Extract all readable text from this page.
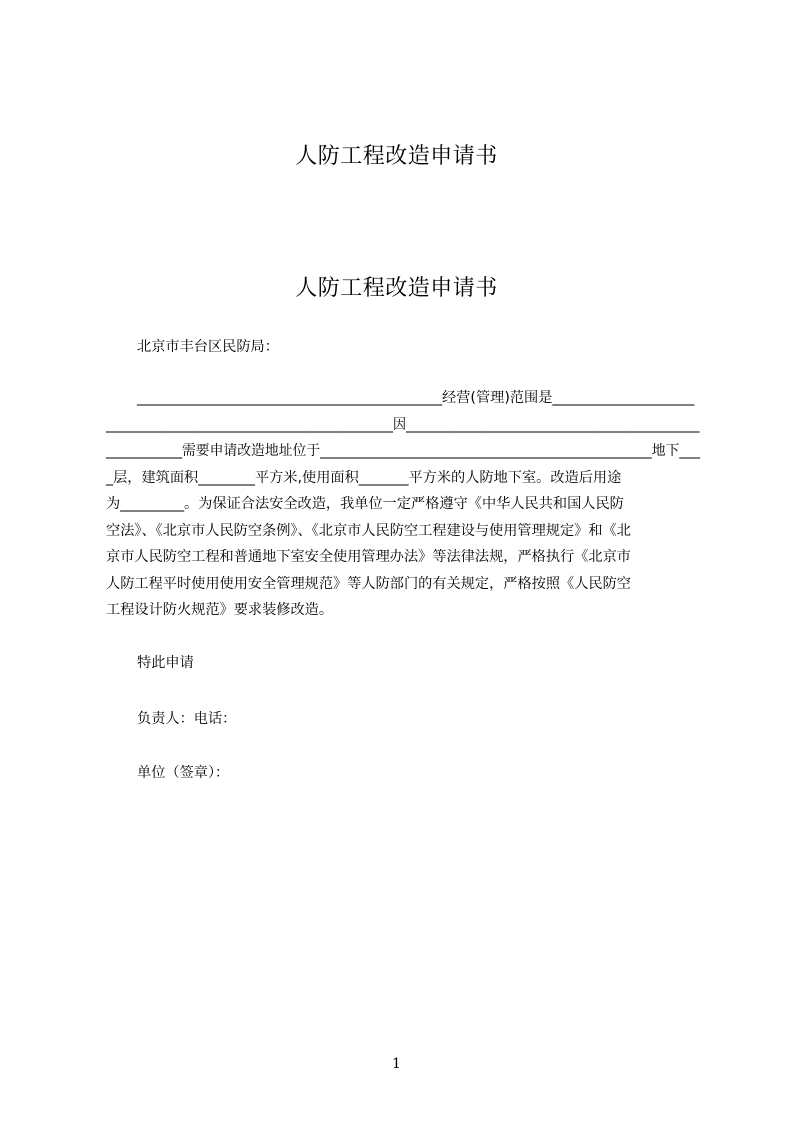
人防工程改造申请书
人防工程改造申请书
北京市丰台区民防局：
___________________________________________经营(管理)范围是____________________
____________________________________________因_____________________________________________
___________需要申请改造地址位于________________________________________________地下___
_层，建筑面积________平方米,使用面积_______平方米的人防地下室。改造后用途
为_________。为保证合法安全改造，我单位一定严格遵守《中华人民共和国人民防
空法》、《北京市人民防空条例》、《北京市人民防空工程建设与使用管理规定》和《北
京市人民防空工程和普通地下室安全使用管理办法》等法律法规，严格执行《北京市
人防工程平时使用使用安全管理规范》等人防部门的有关规定，严格按照《人民防空
工程设计防火规范》要求装修改造。
特此申请
负责人：电话：
单位（签章）：
1
